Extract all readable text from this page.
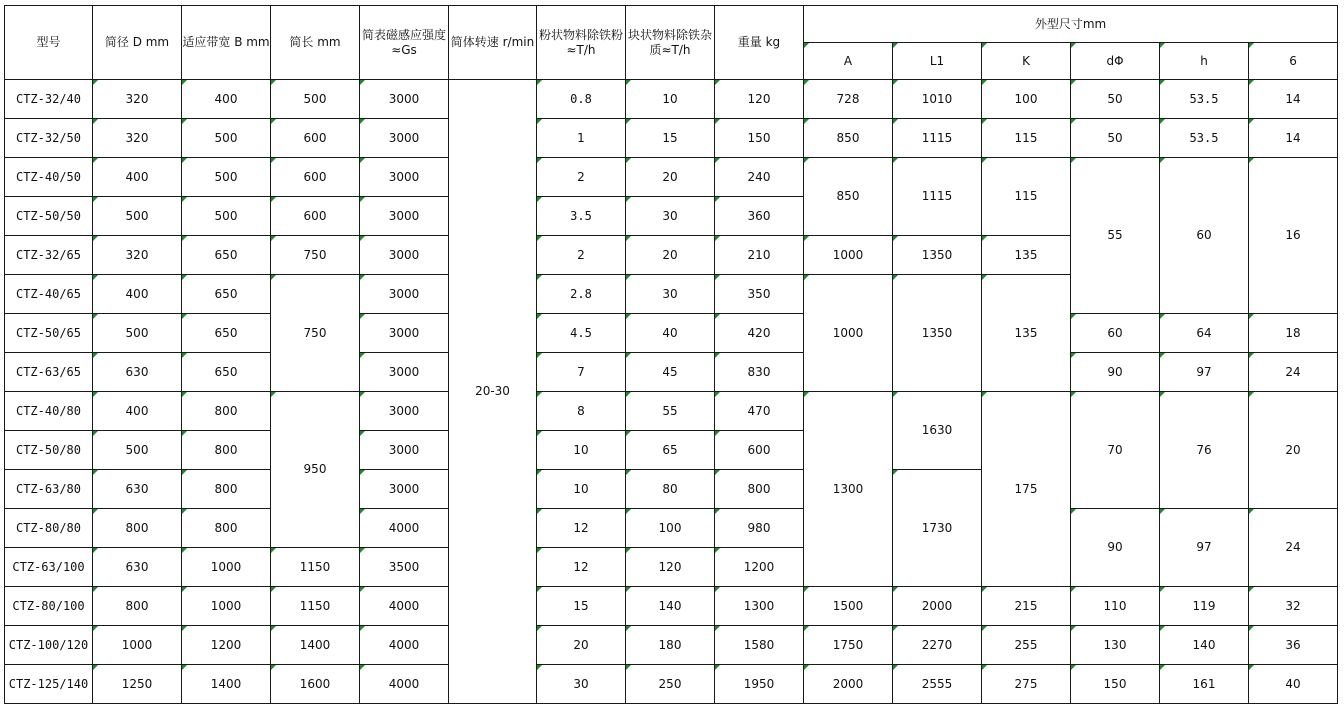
型号	简径 D mm	适应带宽 B mm	简长 mm	简表磁感应强度≈Gs	简体转速 r/min	粉状物料除铁粉≈T/h	块状物料除铁杂质≈T/h	重量 kg	外型尺寸mm					
									A	L1	K	dΦ	h	6
CTZ-32/40	320	400	500	3000	20-30	0.8	10	120	728	1010	100	50	53.5	14
CTZ-32/50	320	500	600	3000		1	15	150	850	1115	115	50	53.5	14
CTZ-40/50	400	500	600	3000		2	20	240	850	1115	115	55	60	16
CTZ-50/50	500	500	600	3000		3.5	30	360						
CTZ-32/65	320	650	750	3000		2	20	210	1000	1350	135			
CTZ-40/65	400	650	750	3000		2.8	30	350	1000	1350	135			
CTZ-50/65	500	650		3000		4.5	40	420				60	64	18
CTZ-63/65	630	650		3000		7	45	830				90	97	24
CTZ-40/80	400	800	950	3000		8	55	470	1300	1630	175	70	76	20
CTZ-50/80	500	800		3000		10	65	600						
CTZ-63/80	630	800		3000		10	80	800		1730				
CTZ-80/80	800	800		4000		12	100	980				90	97	24
CTZ-63/100	630	1000	1150	3500		12	120	1200						
CTZ-80/100	800	1000	1150	4000		15	140	1300	1500	2000	215	110	119	32
CTZ-100/120	1000	1200	1400	4000		20	180	1580	1750	2270	255	130	140	36
CTZ-125/140	1250	1400	1600	4000		30	250	1950	2000	2555	275	150	161	40
